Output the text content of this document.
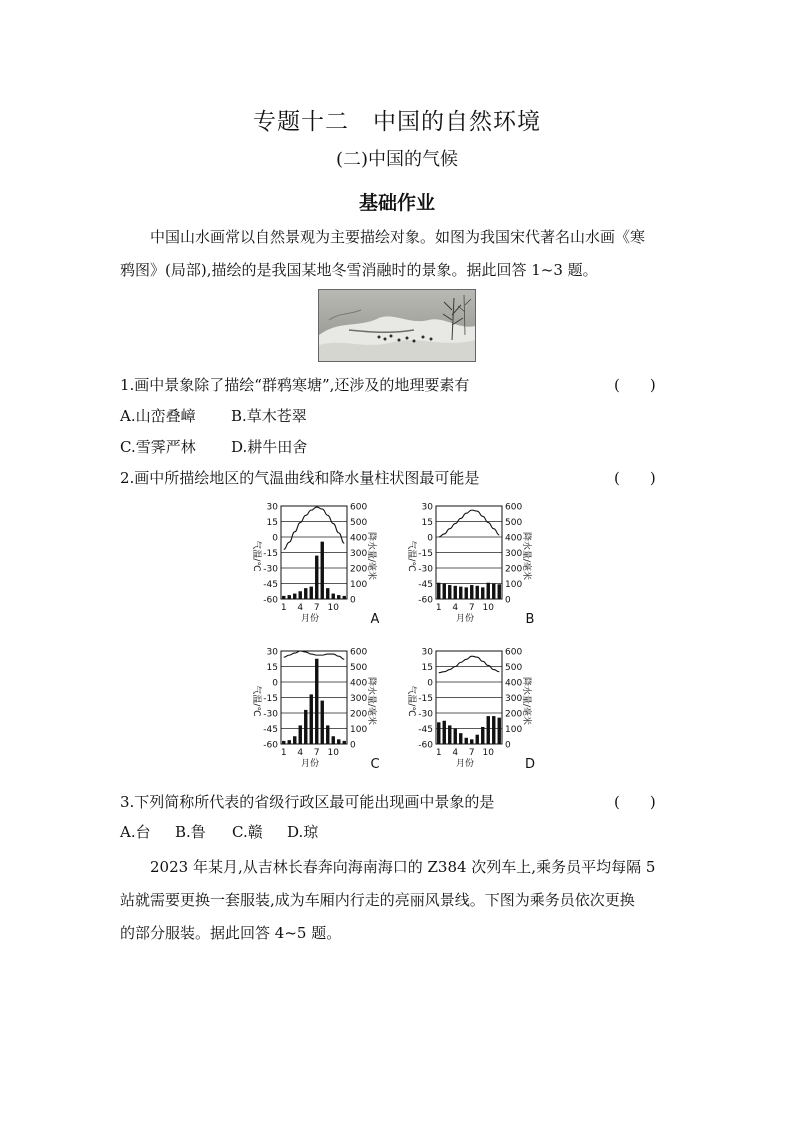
专题十二　中国的自然环境
(二)中国的气候
基础作业
中国山水画常以自然景观为主要描绘对象。如图为我国宋代著名山水画《寒
鸦图》(局部),描绘的是我国某地冬雪消融时的景象。据此回答 1~3 题。
1.画中景象除了描绘“群鸦寒塘”,还涉及的地理要素有	(　　)
A.山峦叠嶂 B.草木苍翠
C.雪霁严林 D.耕牛田舍
2.画中所描绘地区的气温曲线和降水量柱状图最可能是	(　　)
30
15
0
-15
-30
-45
-60
600
500
400
300
200
100
0
气温/℃	降水量/毫米
1 4 7 10
月份	A
30
15
0
-15
-30
-45
-60
600
500
400
300
200
100
0
气温/℃	降水量/毫米
1 4 7 10
月份	B
30
15
0
-15
-30
-45
-60
600
500
400
300
200
100
0
气温/℃	降水量/毫米
1 4 7 10
月份	C
30
15
0
-15
-30
-45
-60
600
500
400
300
200
100
0
气温/℃	降水量/毫米
1 4 7 10
月份	D
3.下列简称所代表的省级行政区最可能出现画中景象的是	(　　)
A.台 B.鲁 C.赣 D.琼
2023 年某月,从吉林长春奔向海南海口的 Z384 次列车上,乘务员平均每隔 5
站就需要更换一套服装,成为车厢内行走的亮丽风景线。下图为乘务员依次更换
的部分服装。据此回答 4~5 题。
